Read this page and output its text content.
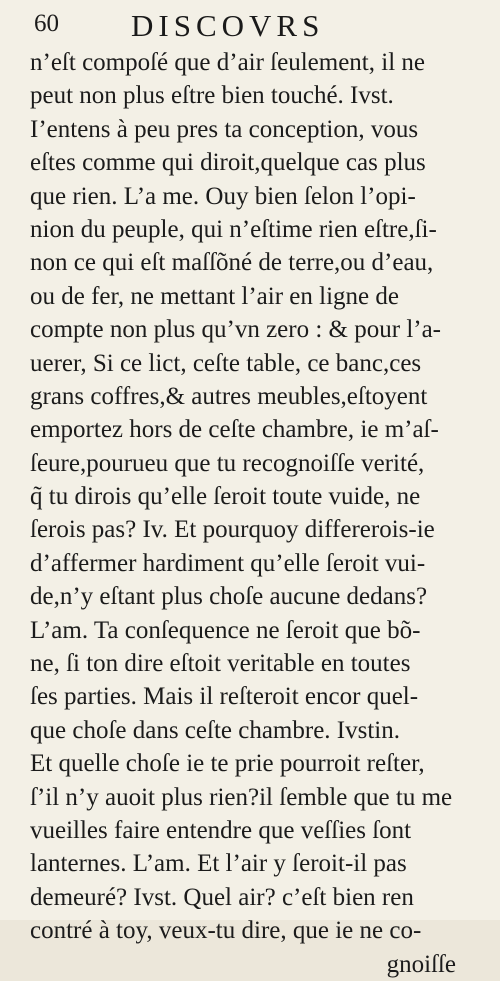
60 DISCOVRS
n’eſt compoſé que d’air ſeulement, il ne
peut non plus eſtre bien touché. Ivst.
I’entens à peu pres ta conception, vous
eſtes comme qui diroit,quelque cas plus
que rien. L’a me. Ouy bien ſelon l’opi-
nion du peuple, qui n’eſtime rien eſtre,ſi-
non ce qui eſt maſſõné de terre,ou d’eau,
ou de fer, ne mettant l’air en ligne de
compte non plus qu’vn zero : & pour l’a-
uerer, Si ce lict, ceſte table, ce banc,ces
grans coffres,& autres meubles,eſtoyent
emportez hors de ceſte chambre, ie m’aſ-
ſeure,pourueu que tu recognoiſſe verité,
q̃ tu dirois qu’elle ſeroit toute vuide, ne
ſerois pas? Iv. Et pourquoy differerois-ie
d’affermer hardiment qu’elle ſeroit vui-
de,n’y eſtant plus choſe aucune dedans?
L’am. Ta conſequence ne ſeroit que bõ-
ne, ſi ton dire eſtoit veritable en toutes
ſes parties. Mais il reſteroit encor quel-
que choſe dans ceſte chambre. Ivstin.
Et quelle choſe ie te prie pourroit reſter,
ſ’il n’y auoit plus rien?il ſemble que tu me
vueilles faire entendre que veſſies ſont
lanternes. L’am. Et l’air y ſeroit-il pas
demeuré? Ivst. Quel air? c’eſt bien ren
contré à toy, veux-tu dire, que ie ne co-
gnoiſſe
